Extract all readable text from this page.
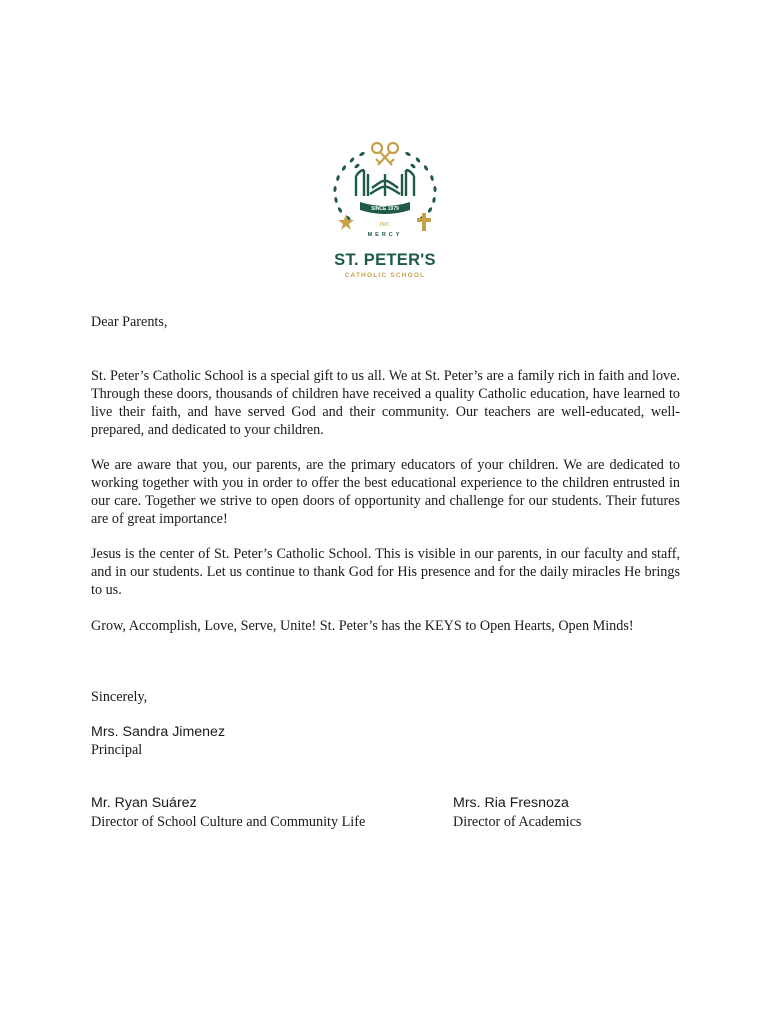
SINCE 1979
JMC
MERCY
ST. PETER'S
CATHOLIC SCHOOL
Dear Parents,

St. Peter’s Catholic School is a special gift to us all. We at St. Peter’s are a family rich in faith and love. Through these doors, thousands of children have received a quality Catholic education, have learned to live their faith, and have served God and their community. Our teachers are well-educated, well-prepared, and dedicated to your children.

We are aware that you, our parents, are the primary educators of your children. We are dedicated to working together with you in order to offer the best educational experience to the children entrusted in our care. Together we strive to open doors of opportunity and challenge for our students. Their futures are of great importance!

Jesus is the center of St. Peter’s Catholic School. This is visible in our parents, in our faculty and staff, and in our students. Let us continue to thank God for His presence and for the daily miracles He brings to us.

Grow, Accomplish, Love, Serve, Unite! St. Peter’s has the KEYS to Open Hearts, Open Minds!

Sincerely,
Mrs. Sandra Jimenez
Principal
Mr. Ryan Suárez
Director of School Culture and Community Life
Mrs. Ria Fresnoza
Director of Academics
